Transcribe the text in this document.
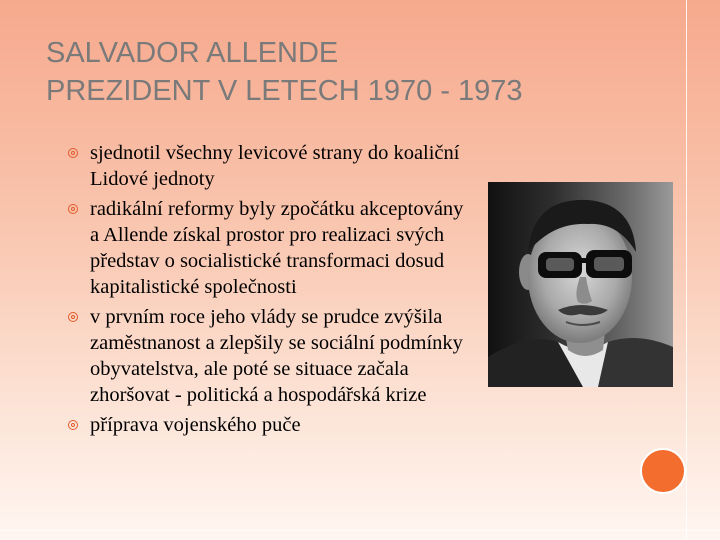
SALVADOR ALLENDE
PREZIDENT V LETECH 1970 - 1973
sjednotil všechny levicové strany do koaliční Lidové jednoty
radikální reformy byly zpočátku akceptovány a Allende získal prostor pro realizaci svých představ o socialistické transformaci dosud kapitalistické společnosti
v prvním roce jeho vlády se prudce zvýšila zaměstnanost a zlepšily se sociální podmínky obyvatelstva, ale poté se situace začala zhoršovat - politická a hospodářská krize
příprava vojenského puče
